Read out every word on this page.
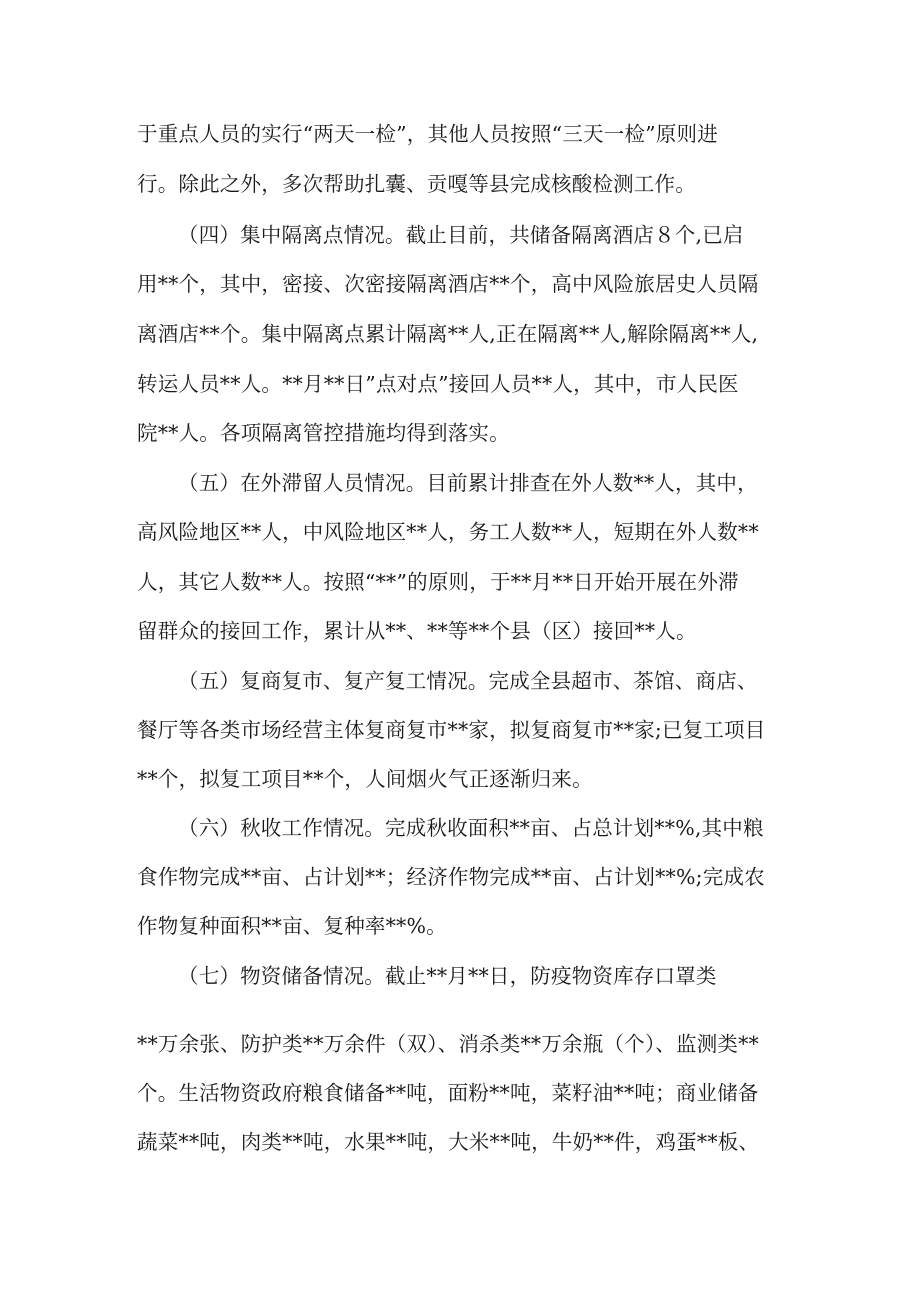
于重点人员的实行“两天一检”，其他人员按照“三天一检”原则进
行。除此之外，多次帮助扎囊、贡嘎等县完成核酸检测工作。
（四）集中隔离点情况。截止目前，共储备隔离酒店８个,已启
用**个，其中，密接、次密接隔离酒店**个，高中风险旅居史人员隔
离酒店**个。集中隔离点累计隔离**人,正在隔离**人,解除隔离**人,
转运人员**人。**月**日”点对点”接回人员**人，其中，市人民医
院**人。各项隔离管控措施均得到落实。
（五）在外滞留人员情况。目前累计排查在外人数**人，其中，
高风险地区**人，中风险地区**人，务工人数**人，短期在外人数**
人，其它人数**人。按照“**”的原则，于**月**日开始开展在外滞
留群众的接回工作，累计从**、**等**个县（区）接回**人。
（五）复商复市、复产复工情况。完成全县超市、茶馆、商店、
餐厅等各类市场经营主体复商复市**家，拟复商复市**家;已复工项目
**个，拟复工项目**个，人间烟火气正逐渐归来。
（六）秋收工作情况。完成秋收面积**亩、占总计划**%,其中粮
食作物完成**亩、占计划**；经济作物完成**亩、占计划**%;完成农
作物复种面积**亩、复种率**%。
（七）物资储备情况。截止**月**日，防疫物资库存口罩类
**万余张、防护类**万余件（双）、消杀类**万余瓶（个）、监测类**
个。生活物资政府粮食储备**吨，面粉**吨，菜籽油**吨；商业储备
蔬菜**吨，肉类**吨，水果**吨，大米**吨，牛奶**件，鸡蛋**板、
